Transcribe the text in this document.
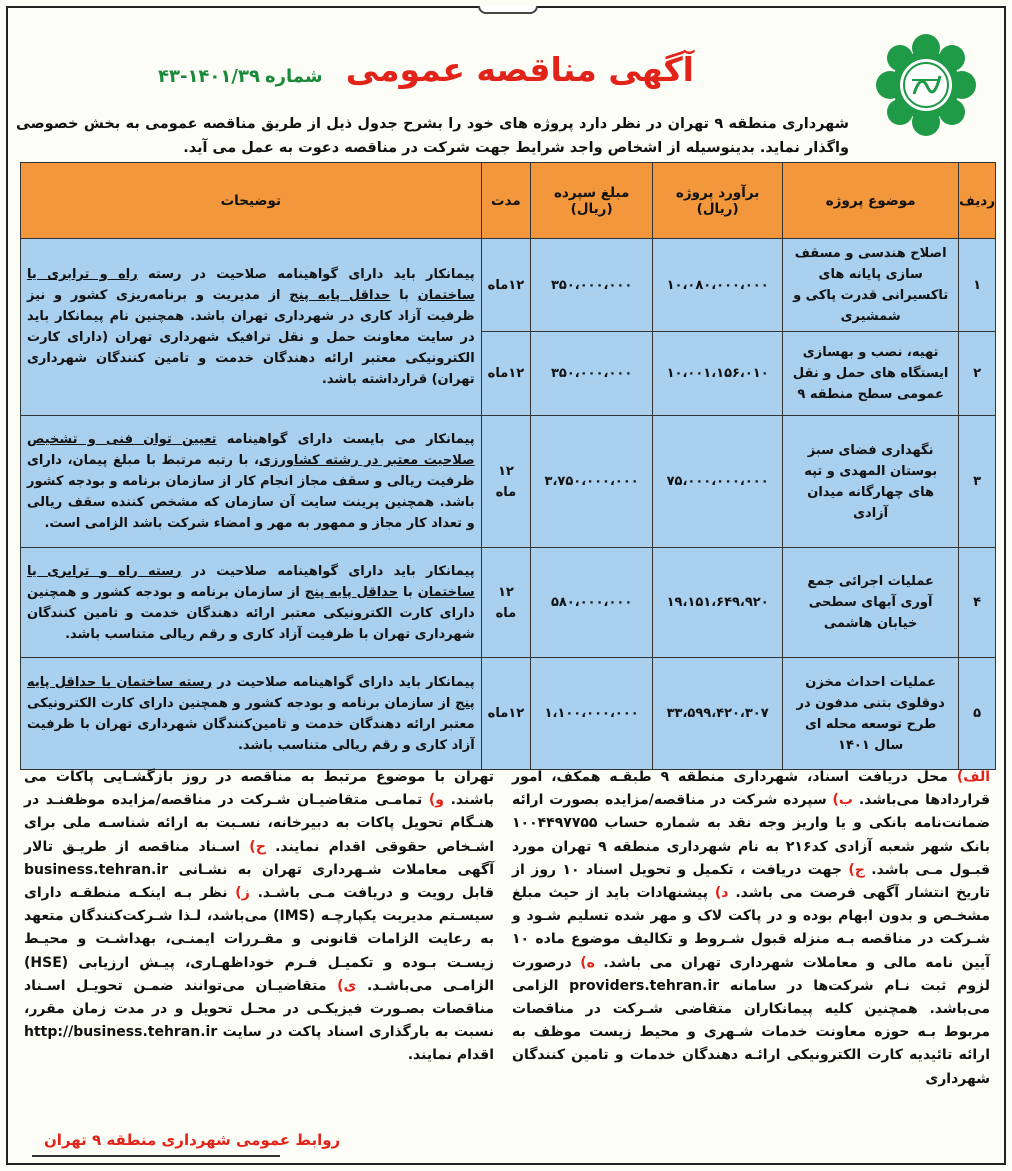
آگهی مناقصه عمومی
شماره ۴۳-۱۴۰۱/۳۹
شهرداری منطقه ۹ تهران در نظر دارد پروژه های خود را بشرح جدول ذیل از طریق مناقصه عمومی به بخش خصوصی واگذار نماید. بدینوسیله از اشخاص واجد شرایط جهت شرکت در مناقصه دعوت به عمل می آید.
ردیف	موضوع پروژه	برآورد پروژه (ریال)	مبلغ سپرده (ریال)	مدت	توضیحات
۱	اصلاح هندسی و مسقف سازی پایانه های تاکسیرانی قدرت پاکی و شمشیری	۱۰،۰۸۰،۰۰۰،۰۰۰	۳۵۰،۰۰۰،۰۰۰	۱۲ماه	پیمانکار باید دارای گواهینامه صلاحیت در رسته راه و ترابری یا ساختمان با حداقل پایه پنج از مدیریت و برنامه‌ریزی کشور و نیز ظرفیت آزاد کاری در شهرداری تهران باشد. همچنین نام پیمانکار باید در سایت معاونت حمل و نقل ترافیک شهرداری تهران (دارای کارت الکترونیکی معتبر ارائه دهندگان خدمت و تامین کنندگان شهرداری تهران) قرارداشته باشد.
۲	تهیه، نصب و بهسازی ایستگاه های حمل و نقل عمومی سطح منطقه ۹	۱۰،۰۰۱،۱۵۶،۰۱۰	۳۵۰،۰۰۰،۰۰۰	۱۲ماه	
۳	نگهداری فضای سبز بوستان المهدی و تپه های چهارگانه میدان آزادی	۷۵،۰۰۰،۰۰۰،۰۰۰	۳،۷۵۰،۰۰۰،۰۰۰	۱۲ ماه	پیمانکار می بایست دارای گواهینامه تعیین توان فنی و تشخیص صلاحیت معتبر در رشته کشاورزی، با رتبه مرتبط با مبلغ پیمان، دارای ظرفیت ریالی و سقف مجاز انجام کار از سازمان برنامه و بودجه کشور باشد. همچنین پرینت سایت آن سازمان که مشخص کننده سقف ریالی و تعداد کار مجاز و ممهور به مهر و امضاء شرکت باشد الزامی است.
۴	عملیات اجرائی جمع آوری آبهای سطحی خیابان هاشمی	۱۹،۱۵۱،۶۴۹،۹۲۰	۵۸۰،۰۰۰،۰۰۰	۱۲ ماه	پیمانکار باید دارای گواهینامه صلاحیت در رسته راه و ترابری یا ساختمان با حداقل پایه پنج از سازمان برنامه و بودجه کشور و همچنین دارای کارت الکترونیکی معتبر ارائه دهندگان خدمت و تامین کنندگان شهرداری تهران با ظرفیت آزاد کاری و رقم ریالی متناسب باشد.
۵	عملیات احداث مخزن دوقلوی بتنی مدفون در طرح توسعه محله ای سال ۱۴۰۱	۳۳،۵۹۹،۴۲۰،۳۰۷	۱،۱۰۰،۰۰۰،۰۰۰	۱۲ماه	پیمانکار باید دارای گواهینامه صلاحیت در رسته ساختمان با حداقل پایه پنج از سازمان برنامه و بودجه کشور و همچنین دارای کارت الکترونیکی معتبر ارائه دهندگان خدمت و تامین‌کنندگان شهرداری تهران با ظرفیت آزاد کاری و رقم ریالی متناسب باشد.
الف) محل دریافت اسناد، شهرداری منطقه ۹ طبقـه همکف، امور قراردادها می‌باشد. ب) سپرده شرکت در مناقصه/مزایده بصورت ارائه ضمانت‌نامه بانکی و یا واریز وجه نقد به شماره حساب ۱۰۰۴۴۹۷۷۵۵ بانک شهر شعبه آزادی کد۲۱۶ به نام شهرداری منطقه ۹ تهران مورد قبـول مـی باشد. ج) جهت دریافت ، تکمیل و تحویل اسناد ۱۰ روز از تاریخ انتشار آگهی فرصت می باشد. د) پیشنهادات باید از حیث مبلغ مشخـص و بدون ابهام بوده و در پاکت لاک و مهر شده تسلیم شـود و شـرکت در مناقصه بـه منزله قبول شـروط و تکالیف موضوع ماده ۱۰ آیین نامه مالی و معاملات شهرداری تهران می باشد. ه) درصورت لزوم ثبت نـام شرکت‌ها در سامانه providers.tehran.ir الزامی می‌باشد. همچنین کلیه پیمانکاران متقاضی شـرکت در مناقصات مربوط بـه حوزه معاونت خدمات شـهری و محیط زیست موظف به ارائه تائیدیه کارت الکترونیکی ارائـه دهندگان خدمات و تامین کنندگان شهرداری
تهران با موضوع مرتبط به مناقصه در روز بازگشـایی پاکات می باشند. و) تمامـی متقاضیـان شـرکت در مناقصه/مزایده موظفنـد در هنـگام تحویل پاکات به دبیرخانه، نسـبت به ارائه شناسـه ملی برای اشـخاص حقوقی اقدام نمایند. ح) اسـناد مناقصه از طریـق تالار آگهی معاملات شـهرداری تهران به نشـانی business.tehran.ir قابل رویت و دریافت مـی باشـد. ز) نظر بـه اینکـه منطقـه دارای سیسـتم مدیریت یکپارچـه (IMS) می‌باشد، لـذا شـرکت‌کنندگان متعهد به رعایت الزامات قانونی و مقـررات ایمنـی، بهداشـت و محیـط زیسـت بـوده و تکمیـل فـرم خوداظهـاری، پیـش ارزیابی (HSE) الزامـی می‌باشـد. ی) متقاضیـان می‌توانند ضمـن تحویـل اسـناد مناقصات بصـورت فیزیکـی در محـل تحویل و در مدت زمان مقرر، نسبت به بارگذاری اسناد پاکت در سایت http://business.tehran.ir اقدام نمایند.
روابط عمومی شهرداری منطقه ۹ تهران
